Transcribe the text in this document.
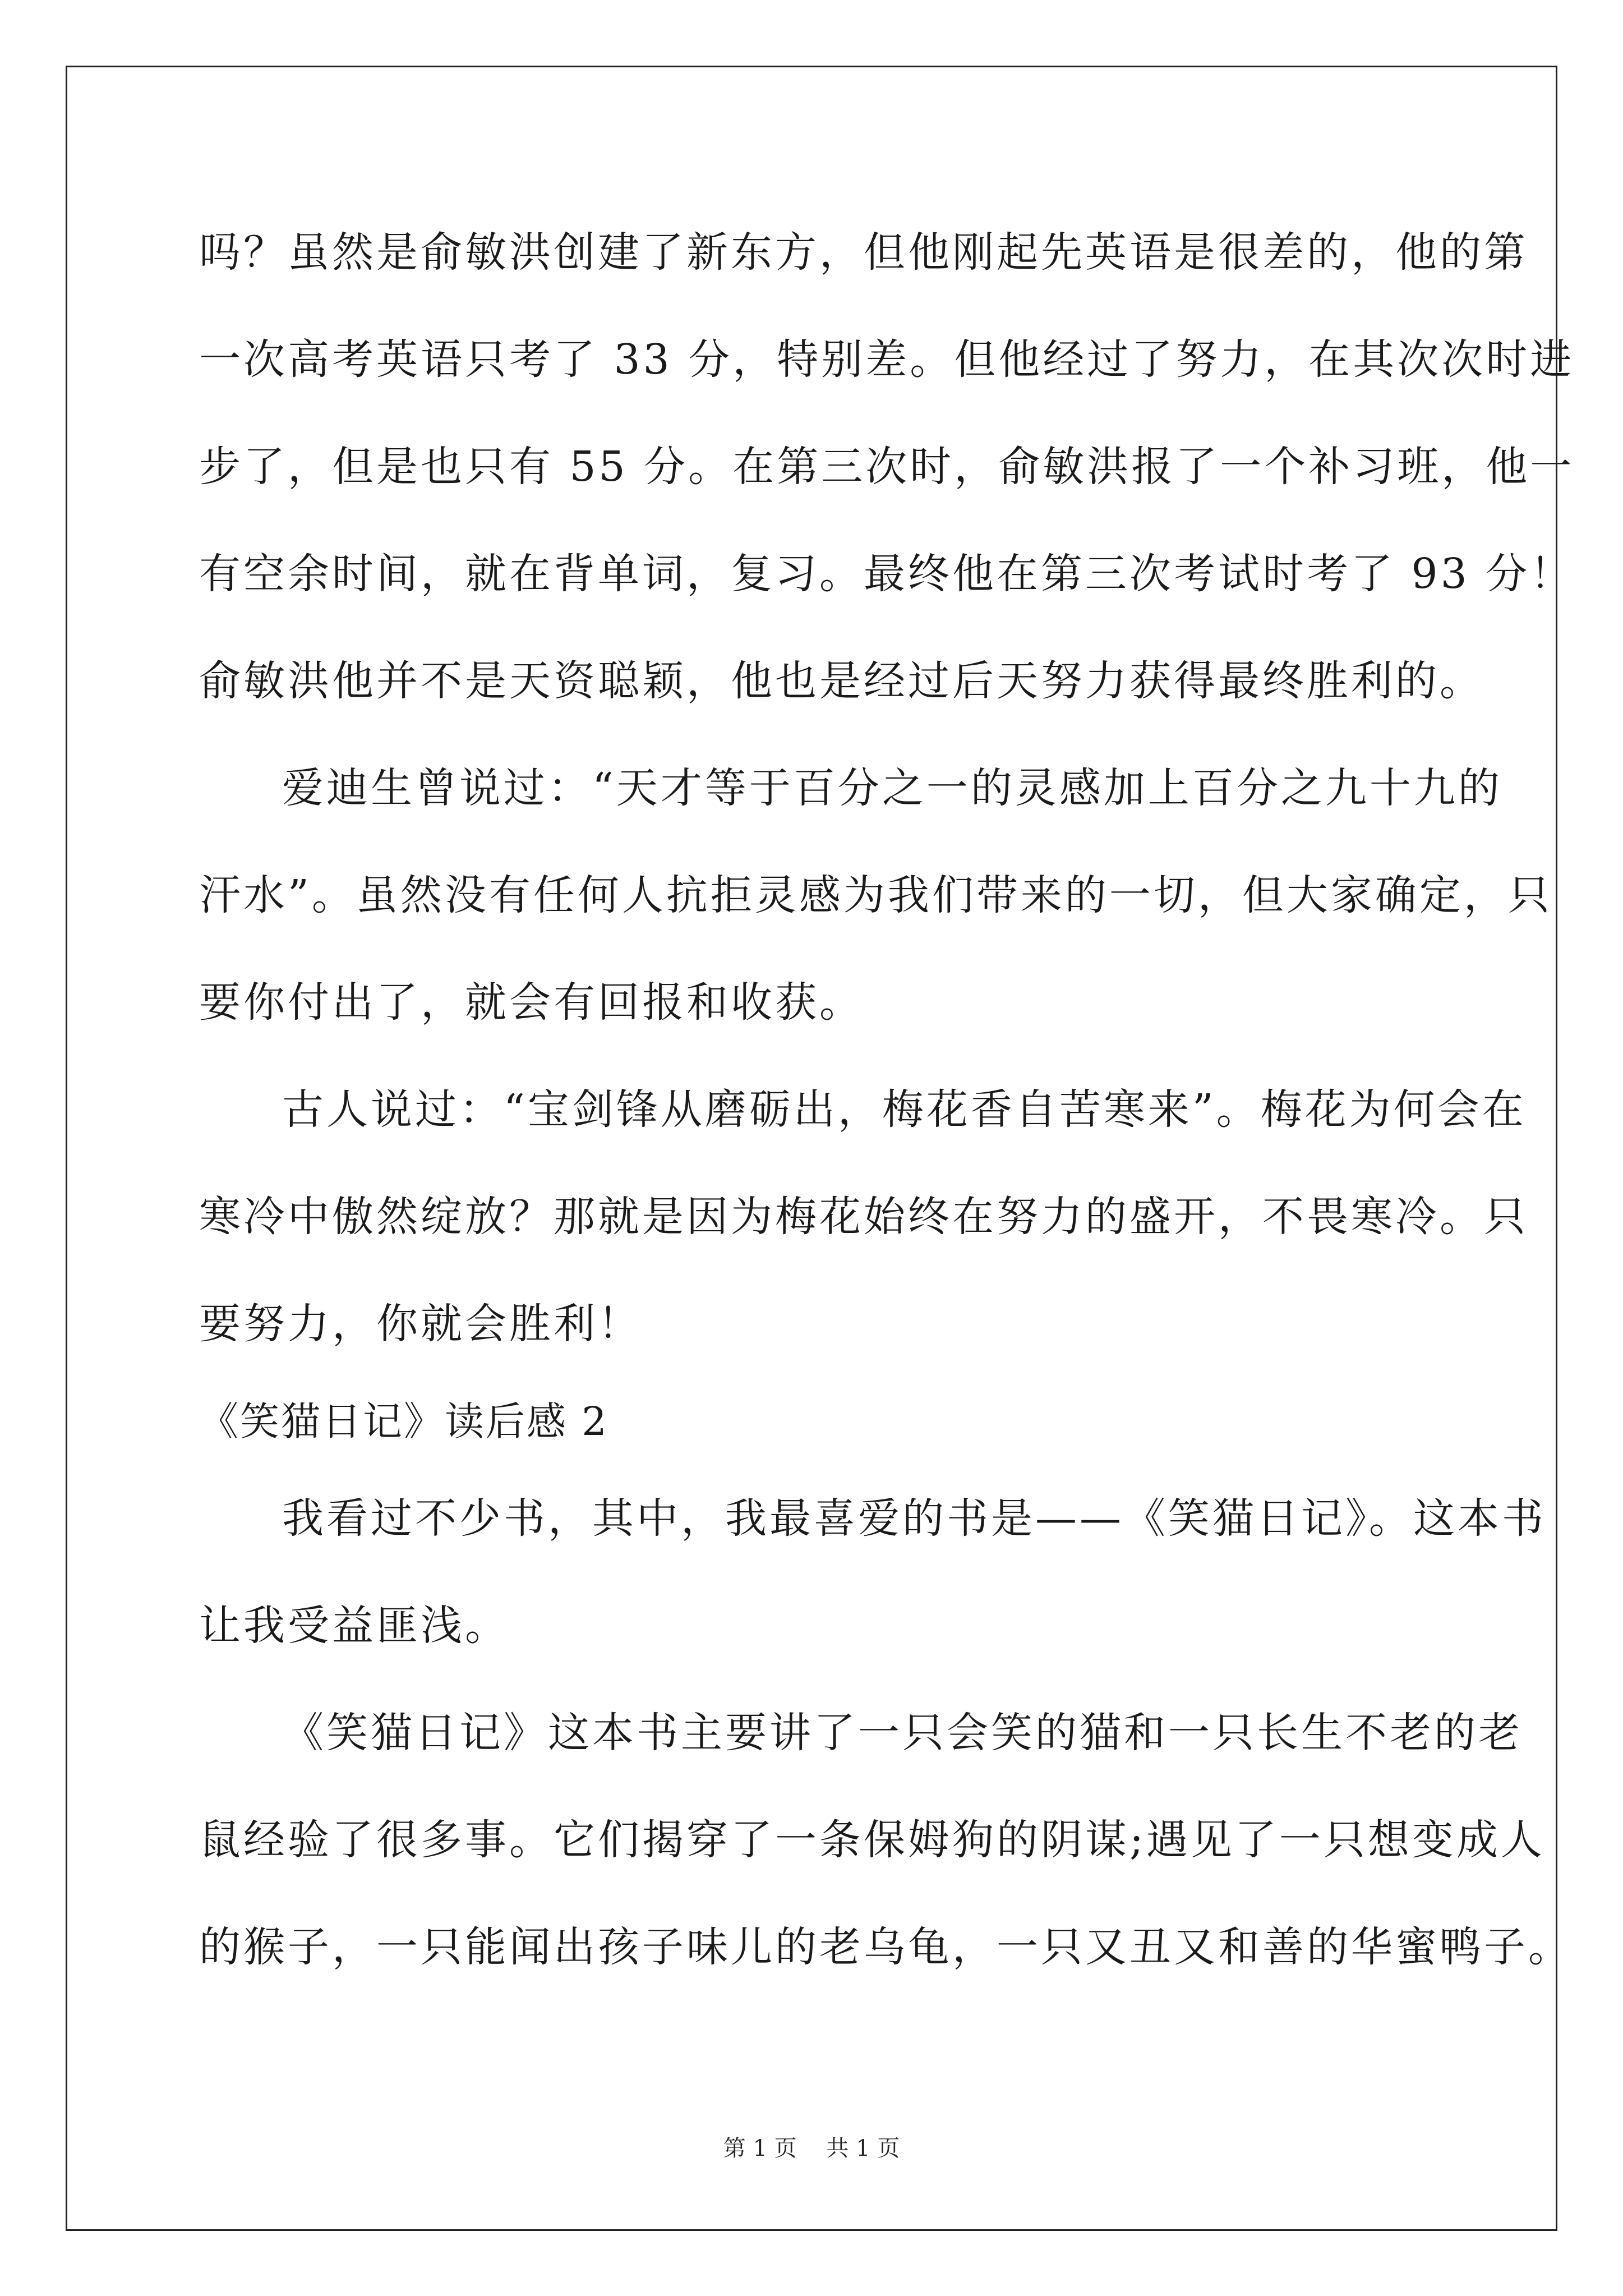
吗？虽然是俞敏洪创建了新东方，但他刚起先英语是很差的，他的第
一次高考英语只考了 33 分，特别差。但他经过了努力，在其次次时进
步了，但是也只有 55 分。在第三次时，俞敏洪报了一个补习班，他一
有空余时间，就在背单词，复习。最终他在第三次考试时考了 93 分！
俞敏洪他并不是天资聪颖，他也是经过后天努力获得最终胜利的。
爱迪生曾说过：“天才等于百分之一的灵感加上百分之九十九的
汗水”。虽然没有任何人抗拒灵感为我们带来的一切，但大家确定，只
要你付出了，就会有回报和收获。
古人说过：“宝剑锋从磨砺出，梅花香自苦寒来”。梅花为何会在
寒冷中傲然绽放？那就是因为梅花始终在努力的盛开，不畏寒冷。只
要努力，你就会胜利！
《笑猫日记》读后感 2
我看过不少书，其中，我最喜爱的书是——《笑猫日记》。这本书
让我受益匪浅。
《笑猫日记》这本书主要讲了一只会笑的猫和一只长生不老的老
鼠经验了很多事。它们揭穿了一条保姆狗的阴谋;遇见了一只想变成人
的猴子，一只能闻出孩子味儿的老乌龟，一只又丑又和善的华蜜鸭子。
第 1 页 共 1 页
